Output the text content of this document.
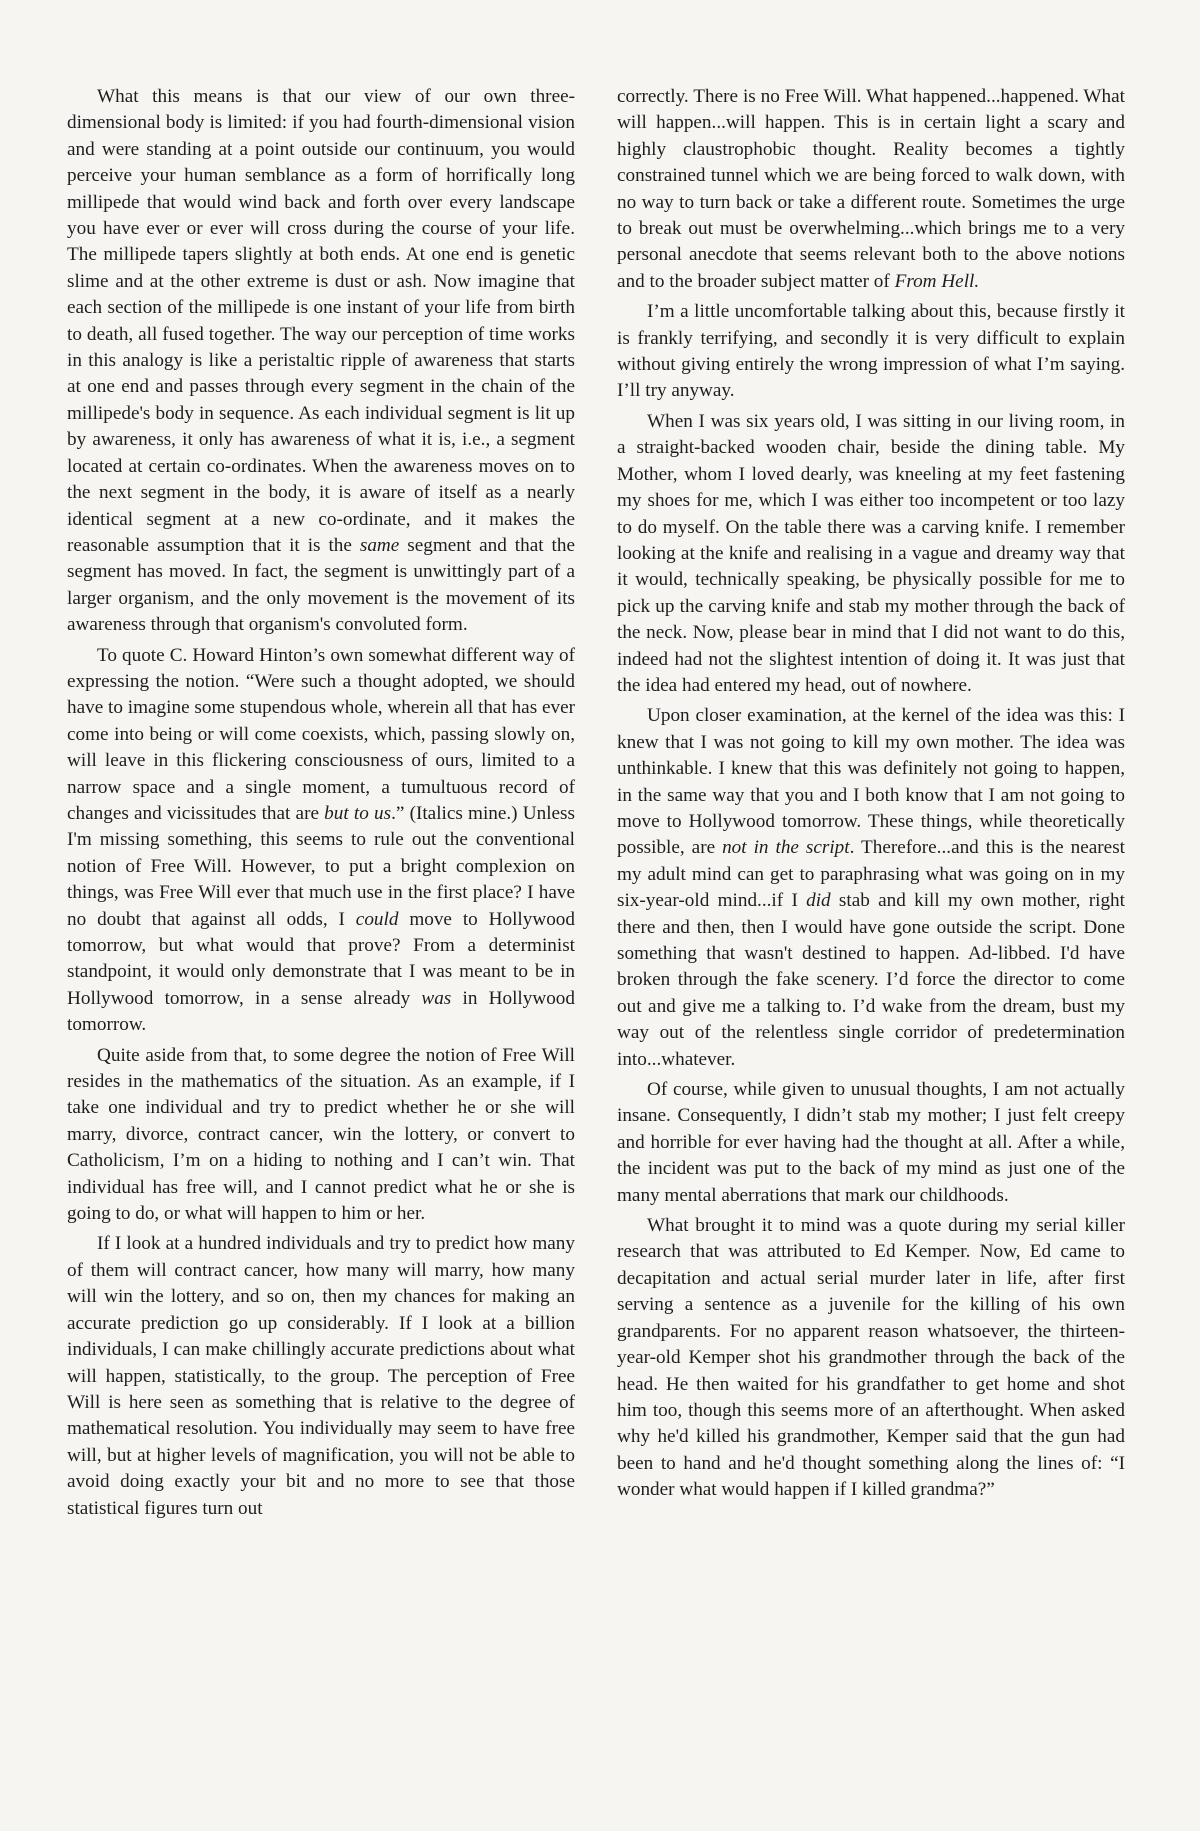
What this means is that our view of our own three-dimensional body is limited: if you had fourth-dimensional vision and were standing at a point outside our continuum, you would perceive your human semblance as a form of horrifically long millipede that would wind back and forth over every landscape you have ever or ever will cross during the course of your life. The millipede tapers slightly at both ends. At one end is genetic slime and at the other extreme is dust or ash. Now imagine that each section of the millipede is one instant of your life from birth to death, all fused together. The way our perception of time works in this analogy is like a peristaltic ripple of awareness that starts at one end and passes through every segment in the chain of the millipede's body in sequence. As each individual segment is lit up by awareness, it only has awareness of what it is, i.e., a segment located at certain co-ordinates. When the awareness moves on to the next segment in the body, it is aware of itself as a nearly identical segment at a new co-ordinate, and it makes the reasonable assumption that it is the same segment and that the segment has moved. In fact, the segment is unwittingly part of a larger organism, and the only movement is the movement of its awareness through that organism's convoluted form.

To quote C. Howard Hinton’s own somewhat different way of expressing the notion. “Were such a thought adopted, we should have to imagine some stupendous whole, wherein all that has ever come into being or will come coexists, which, passing slowly on, will leave in this flickering consciousness of ours, limited to a narrow space and a single moment, a tumultuous record of changes and vicissitudes that are but to us.” (Italics mine.) Unless I'm missing something, this seems to rule out the conventional notion of Free Will. However, to put a bright complexion on things, was Free Will ever that much use in the first place? I have no doubt that against all odds, I could move to Hollywood tomorrow, but what would that prove? From a determinist standpoint, it would only demonstrate that I was meant to be in Hollywood tomorrow, in a sense already was in Hollywood tomorrow.

Quite aside from that, to some degree the notion of Free Will resides in the mathematics of the situation. As an example, if I take one individual and try to predict whether he or she will marry, divorce, contract cancer, win the lottery, or convert to Catholicism, I’m on a hiding to nothing and I can’t win. That individual has free will, and I cannot predict what he or she is going to do, or what will happen to him or her.

If I look at a hundred individuals and try to predict how many of them will contract cancer, how many will marry, how many will win the lottery, and so on, then my chances for making an accurate prediction go up considerably. If I look at a billion individuals, I can make chillingly accurate predictions about what will happen, statistically, to the group. The perception of Free Will is here seen as something that is relative to the degree of mathematical resolution. You individually may seem to have free will, but at higher levels of magnification, you will not be able to avoid doing exactly your bit and no more to see that those statistical figures turn out

correctly. There is no Free Will. What happened...happened. What will happen...will happen. This is in certain light a scary and highly claustrophobic thought. Reality becomes a tightly constrained tunnel which we are being forced to walk down, with no way to turn back or take a different route. Sometimes the urge to break out must be overwhelming...which brings me to a very personal anecdote that seems relevant both to the above notions and to the broader subject matter of From Hell.

I’m a little uncomfortable talking about this, because firstly it is frankly terrifying, and secondly it is very difficult to explain without giving entirely the wrong impression of what I’m saying. I’ll try anyway.

When I was six years old, I was sitting in our living room, in a straight-backed wooden chair, beside the dining table. My Mother, whom I loved dearly, was kneeling at my feet fastening my shoes for me, which I was either too incompetent or too lazy to do myself. On the table there was a carving knife. I remember looking at the knife and realising in a vague and dreamy way that it would, technically speaking, be physically possible for me to pick up the carving knife and stab my mother through the back of the neck. Now, please bear in mind that I did not want to do this, indeed had not the slightest intention of doing it. It was just that the idea had entered my head, out of nowhere.

Upon closer examination, at the kernel of the idea was this: I knew that I was not going to kill my own mother. The idea was unthinkable. I knew that this was definitely not going to happen, in the same way that you and I both know that I am not going to move to Hollywood tomorrow. These things, while theoretically possible, are not in the script. Therefore...and this is the nearest my adult mind can get to paraphrasing what was going on in my six-year-old mind...if I did stab and kill my own mother, right there and then, then I would have gone outside the script. Done something that wasn't destined to happen. Ad-libbed. I'd have broken through the fake scenery. I’d force the director to come out and give me a talking to. I’d wake from the dream, bust my way out of the relentless single corridor of predetermination into...whatever.

Of course, while given to unusual thoughts, I am not actually insane. Consequently, I didn’t stab my mother; I just felt creepy and horrible for ever having had the thought at all. After a while, the incident was put to the back of my mind as just one of the many mental aberrations that mark our childhoods.

What brought it to mind was a quote during my serial killer research that was attributed to Ed Kemper. Now, Ed came to decapitation and actual serial murder later in life, after first serving a sentence as a juvenile for the killing of his own grandparents. For no apparent reason whatsoever, the thirteen-year-old Kemper shot his grandmother through the back of the head. He then waited for his grandfather to get home and shot him too, though this seems more of an afterthought. When asked why he'd killed his grandmother, Kemper said that the gun had been to hand and he'd thought something along the lines of: “I wonder what would happen if I killed grandma?”
